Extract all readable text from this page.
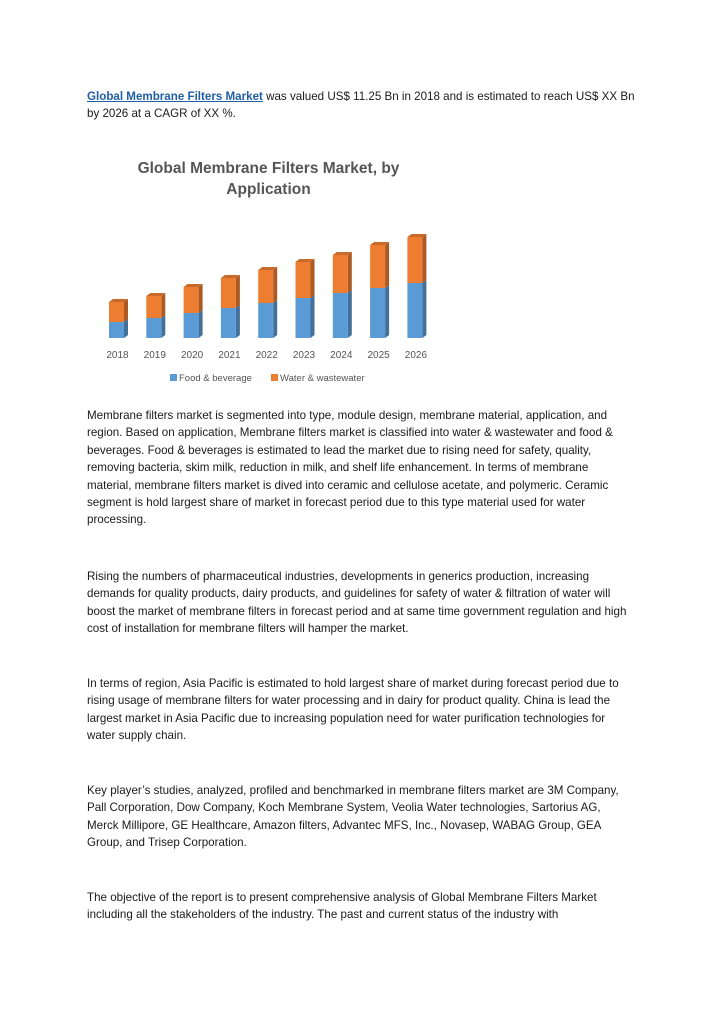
Global Membrane Filters Market was valued US$ 11.25 Bn in 2018 and is estimated to reach US$ XX Bn by 2026 at a CAGR of XX %.

Global Membrane Filters Market, by
Application
2018 2019 2020 2021 2022 2023 2024 2025 2026
Food & beverage	Water & wastewater

Membrane filters market is segmented into type, module design, membrane material, application, and region. Based on application, Membrane filters market is classified into water & wastewater and food & beverages. Food & beverages is estimated to lead the market due to rising need for safety, quality, removing bacteria, skim milk, reduction in milk, and shelf life enhancement. In terms of membrane material, membrane filters market is dived into ceramic and cellulose acetate, and polymeric. Ceramic segment is hold largest share of market in forecast period due to this type material used for water processing.

Rising the numbers of pharmaceutical industries, developments in generics production, increasing demands for quality products, dairy products, and guidelines for safety of water & filtration of water will boost the market of membrane filters in forecast period and at same time government regulation and high cost of installation for membrane filters will hamper the market.

In terms of region, Asia Pacific is estimated to hold largest share of market during forecast period due to rising usage of membrane filters for water processing and in dairy for product quality. China is lead the largest market in Asia Pacific due to increasing population need for water purification technologies for water supply chain.

Key player’s studies, analyzed, profiled and benchmarked in membrane filters market are 3M Company, Pall Corporation, Dow Company, Koch Membrane System, Veolia Water technologies, Sartorius AG, Merck Millipore, GE Healthcare, Amazon filters, Advantec MFS, Inc., Novasep, WABAG Group, GEA Group, and Trisep Corporation.

The objective of the report is to present comprehensive analysis of Global Membrane Filters Market including all the stakeholders of the industry. The past and current status of the industry with
